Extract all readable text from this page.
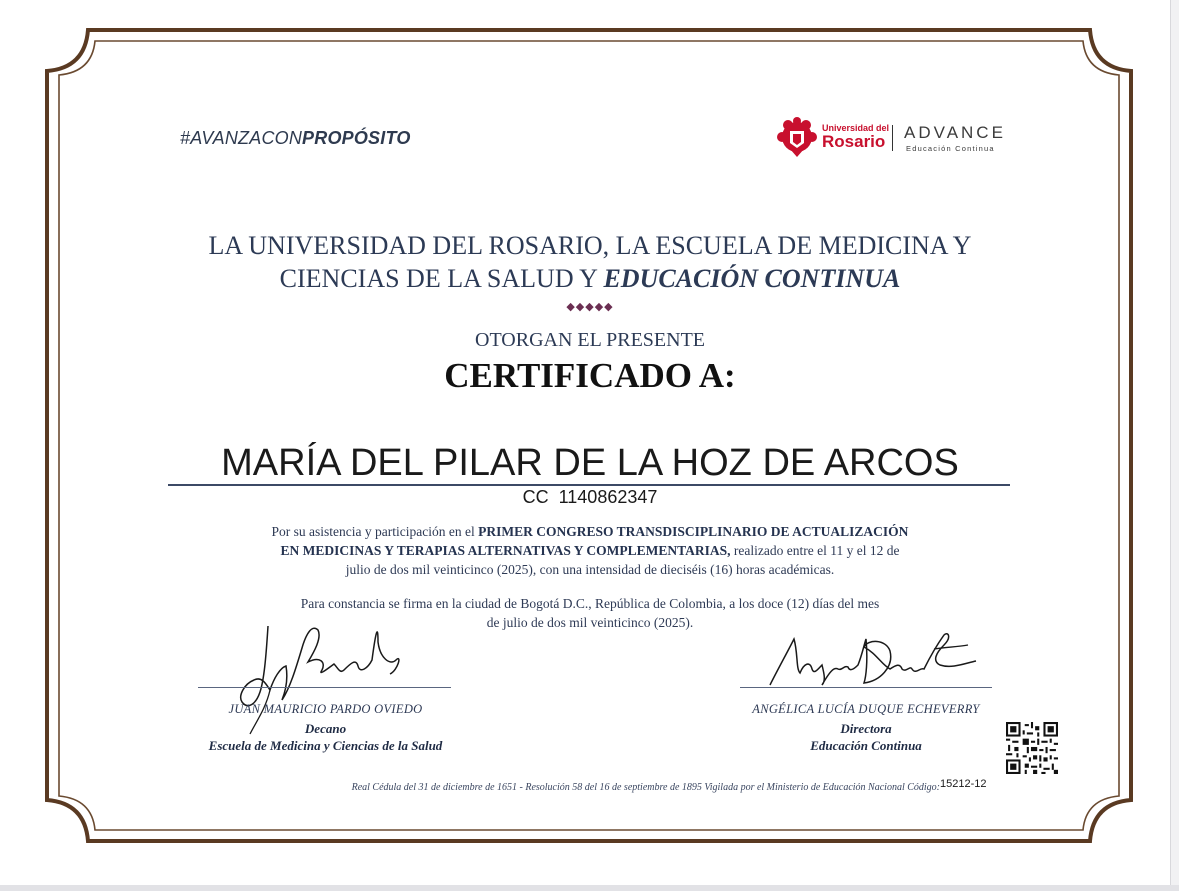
#AVANZACONPROPÓSITO	Universidad del
Rosario ADVANCE
Educación Continua
LA UNIVERSIDAD DEL ROSARIO, LA ESCUELA DE MEDICINA Y
CIENCIAS DE LA SALUD Y EDUCACIÓN CONTINUA
◆◆◆◆◆
OTORGAN EL PRESENTE
CERTIFICADO A:
MARÍA DEL PILAR DE LA HOZ DE ARCOS
CC 1140862347
Por su asistencia y participación en el PRIMER CONGRESO TRANSDISCIPLINARIO DE ACTUALIZACIÓN
EN MEDICINAS Y TERAPIAS ALTERNATIVAS Y COMPLEMENTARIAS, realizado entre el 11 y el 12 de
julio de dos mil veinticinco (2025), con una intensidad de dieciséis (16) horas académicas.
Para constancia se firma en la ciudad de Bogotá D.C., República de Colombia, a los doce (12) días del mes
de julio de dos mil veinticinco (2025).
JUAN MAURICIO PARDO OVIEDO
Decano
Escuela de Medicina y Ciencias de la Salud
ANGÉLICA LUCÍA DUQUE ECHEVERRY
Directora
Educación Continua
Real Cédula del 31 de diciembre de 1651 - Resolución 58 del 16 de septiembre de 1895 Vigilada por el Ministerio de Educación Nacional Código: 15212-12
